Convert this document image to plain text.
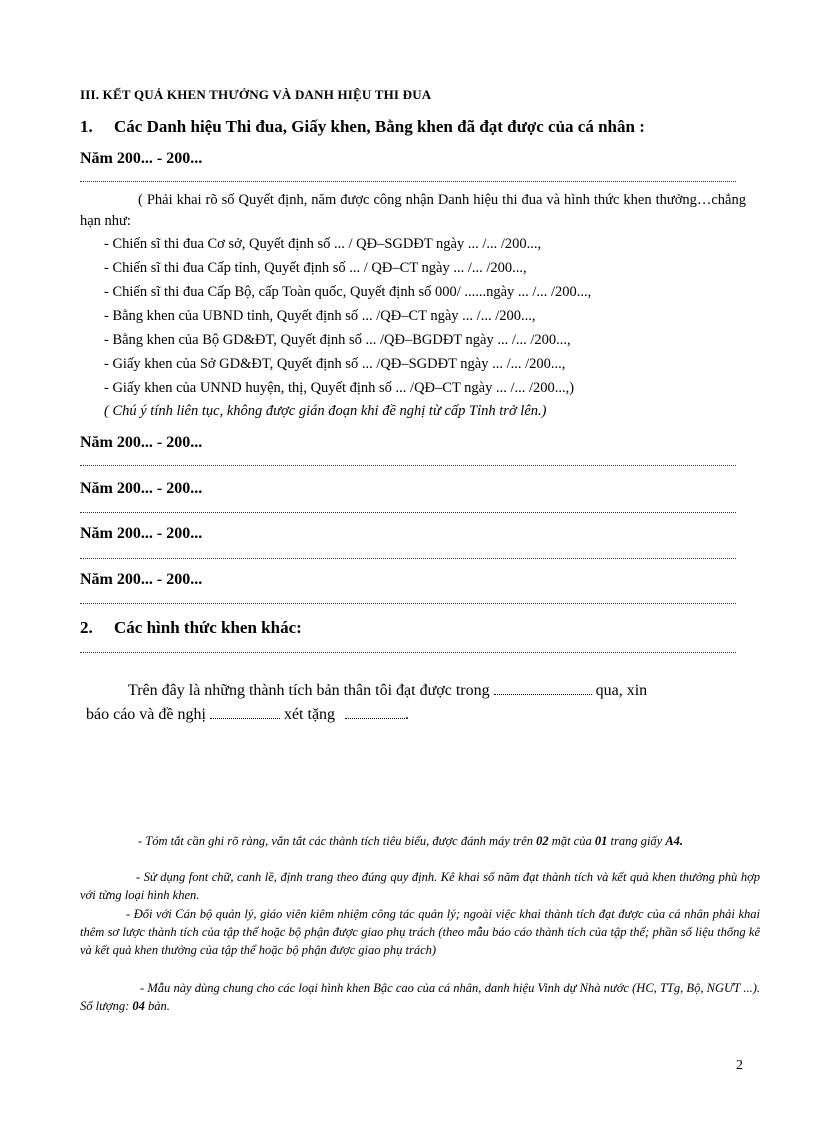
III. KẾT QUẢ KHEN THƯỞNG VÀ DANH HIỆU THI ĐUA
1. Các Danh hiệu Thi đua, Giấy khen, Bằng khen đã đạt được của cá nhân :
Năm 200... - 200...
( Phải khai rõ số Quyết định, năm được công nhận Danh hiệu thi đua và hình thức khen thưởng…chẳng hạn như:
- Chiến sĩ thi đua Cơ sở, Quyết định số ... / QĐ–SGDĐT ngày ... /... /200...,
- Chiến sĩ thi đua Cấp tỉnh, Quyết định số ... / QĐ–CT ngày ... /... /200...,
- Chiến sĩ thi đua Cấp Bộ, cấp Toàn quốc, Quyết định số 000/ ......ngày ... /... /200...,
- Bằng khen của UBND tỉnh, Quyết định số ... /QĐ–CT ngày ... /... /200...,
- Bằng khen của Bộ GD&ĐT, Quyết định số ... /QĐ–BGDĐT ngày ... /... /200...,
- Giấy khen của Sở GD&ĐT, Quyết định số ... /QĐ–SGDĐT ngày ... /... /200...,
- Giấy khen của UNND huyện, thị, Quyết định số ... /QĐ–CT ngày ... /... /200...,)
( Chú ý tính liên tục, không được gián đoạn khi đề nghị từ cấp Tỉnh trở lên.)
Năm 200... - 200...
Năm 200... - 200...
Năm 200... - 200...
Năm 200... - 200...
2. Các hình thức khen khác:
Trên đây là những thành tích bản thân tôi đạt được trong	qua, xin
báo cáo và đề nghị	xét tặng	.
- Tóm tắt cần ghi rõ ràng, vắn tắt các thành tích tiêu biểu, được đánh máy trên 02 mặt của 01 trang giấy A4.
- Sử dụng font chữ, canh lề, định trang theo đúng quy định. Kê khai số năm đạt thành tích và kết quả khen thưởng phù hợp với từng loại hình khen.
- Đối với Cán bộ quản lý, giáo viên kiêm nhiệm công tác quản lý; ngoài việc khai thành tích đạt được của cá nhân phải khai thêm sơ lược thành tích của tập thể hoặc bộ phận được giao phụ trách (theo mẫu báo cáo thành tích của tập thể; phần số liệu thống kê và kết quả khen thưởng của tập thể hoặc bộ phận được giao phụ trách)
- Mẫu này dùng chung cho các loại hình khen Bậc cao của cá nhân, danh hiệu Vinh dự Nhà nước (HC, TTg, Bộ, NGƯT ...). Số lượng: 04 bản.
2
